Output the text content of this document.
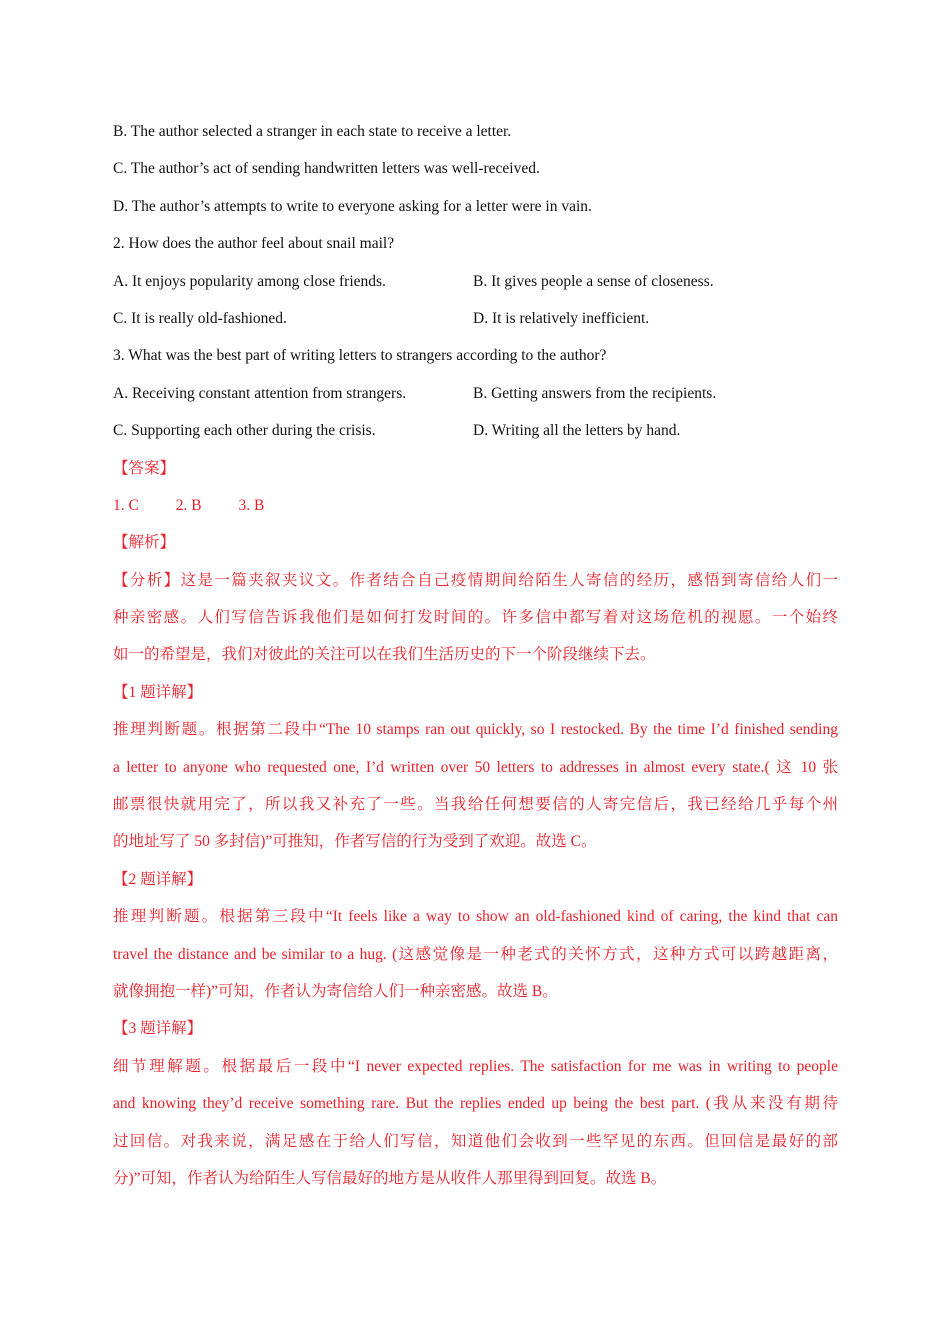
B. The author selected a stranger in each state to receive a letter.
C. The author’s act of sending handwritten letters was well-received.
D. The author’s attempts to write to everyone asking for a letter were in vain.
2. How does the author feel about snail mail?
A. It enjoys popularity among close friends.	B. It gives people a sense of closeness.
C. It is really old-fashioned.	D. It is relatively inefficient.
3. What was the best part of writing letters to strangers according to the author?
A. Receiving constant attention from strangers.	B. Getting answers from the recipients.
C. Supporting each other during the crisis.	D. Writing all the letters by hand.
【答案】
1. C 2. B 3. B
【解析】
【分析】这是一篇夹叙夹议文。作者结合自己疫情期间给陌生人寄信的经历，感悟到寄信给人们一
种亲密感。人们写信告诉我他们是如何打发时间的。许多信中都写着对这场危机的视愿。一个始终
如一的希望是，我们对彼此的关注可以在我们生活历史的下一个阶段继续下去。
【1 题详解】
推理判断题。根据第二段中“The 10 stamps ran out quickly, so I restocked. By the time I’d finished sending
a letter to anyone who requested one, I’d written over 50 letters to addresses in almost every state.( 这 10 张
邮票很快就用完了，所以我又补充了一些。当我给任何想要信的人寄完信后，我已经给几乎每个州
的地址写了 50 多封信)”可推知，作者写信的行为受到了欢迎。故选 C。
【2 题详解】
推理判断题。根据第三段中“It feels like a way to show an old-fashioned kind of caring, the kind that can
travel the distance and be similar to a hug. (这感觉像是一种老式的关怀方式，这种方式可以跨越距离，
就像拥抱一样)”可知，作者认为寄信给人们一种亲密感。故选 B。
【3 题详解】
细节理解题。根据最后一段中“I never expected replies. The satisfaction for me was in writing to people
and knowing they’d receive something rare. But the replies ended up being the best part. (我从来没有期待
过回信。对我来说，满足感在于给人们写信，知道他们会收到一些罕见的东西。但回信是最好的部
分)”可知，作者认为给陌生人写信最好的地方是从收件人那里得到回复。故选 B。
